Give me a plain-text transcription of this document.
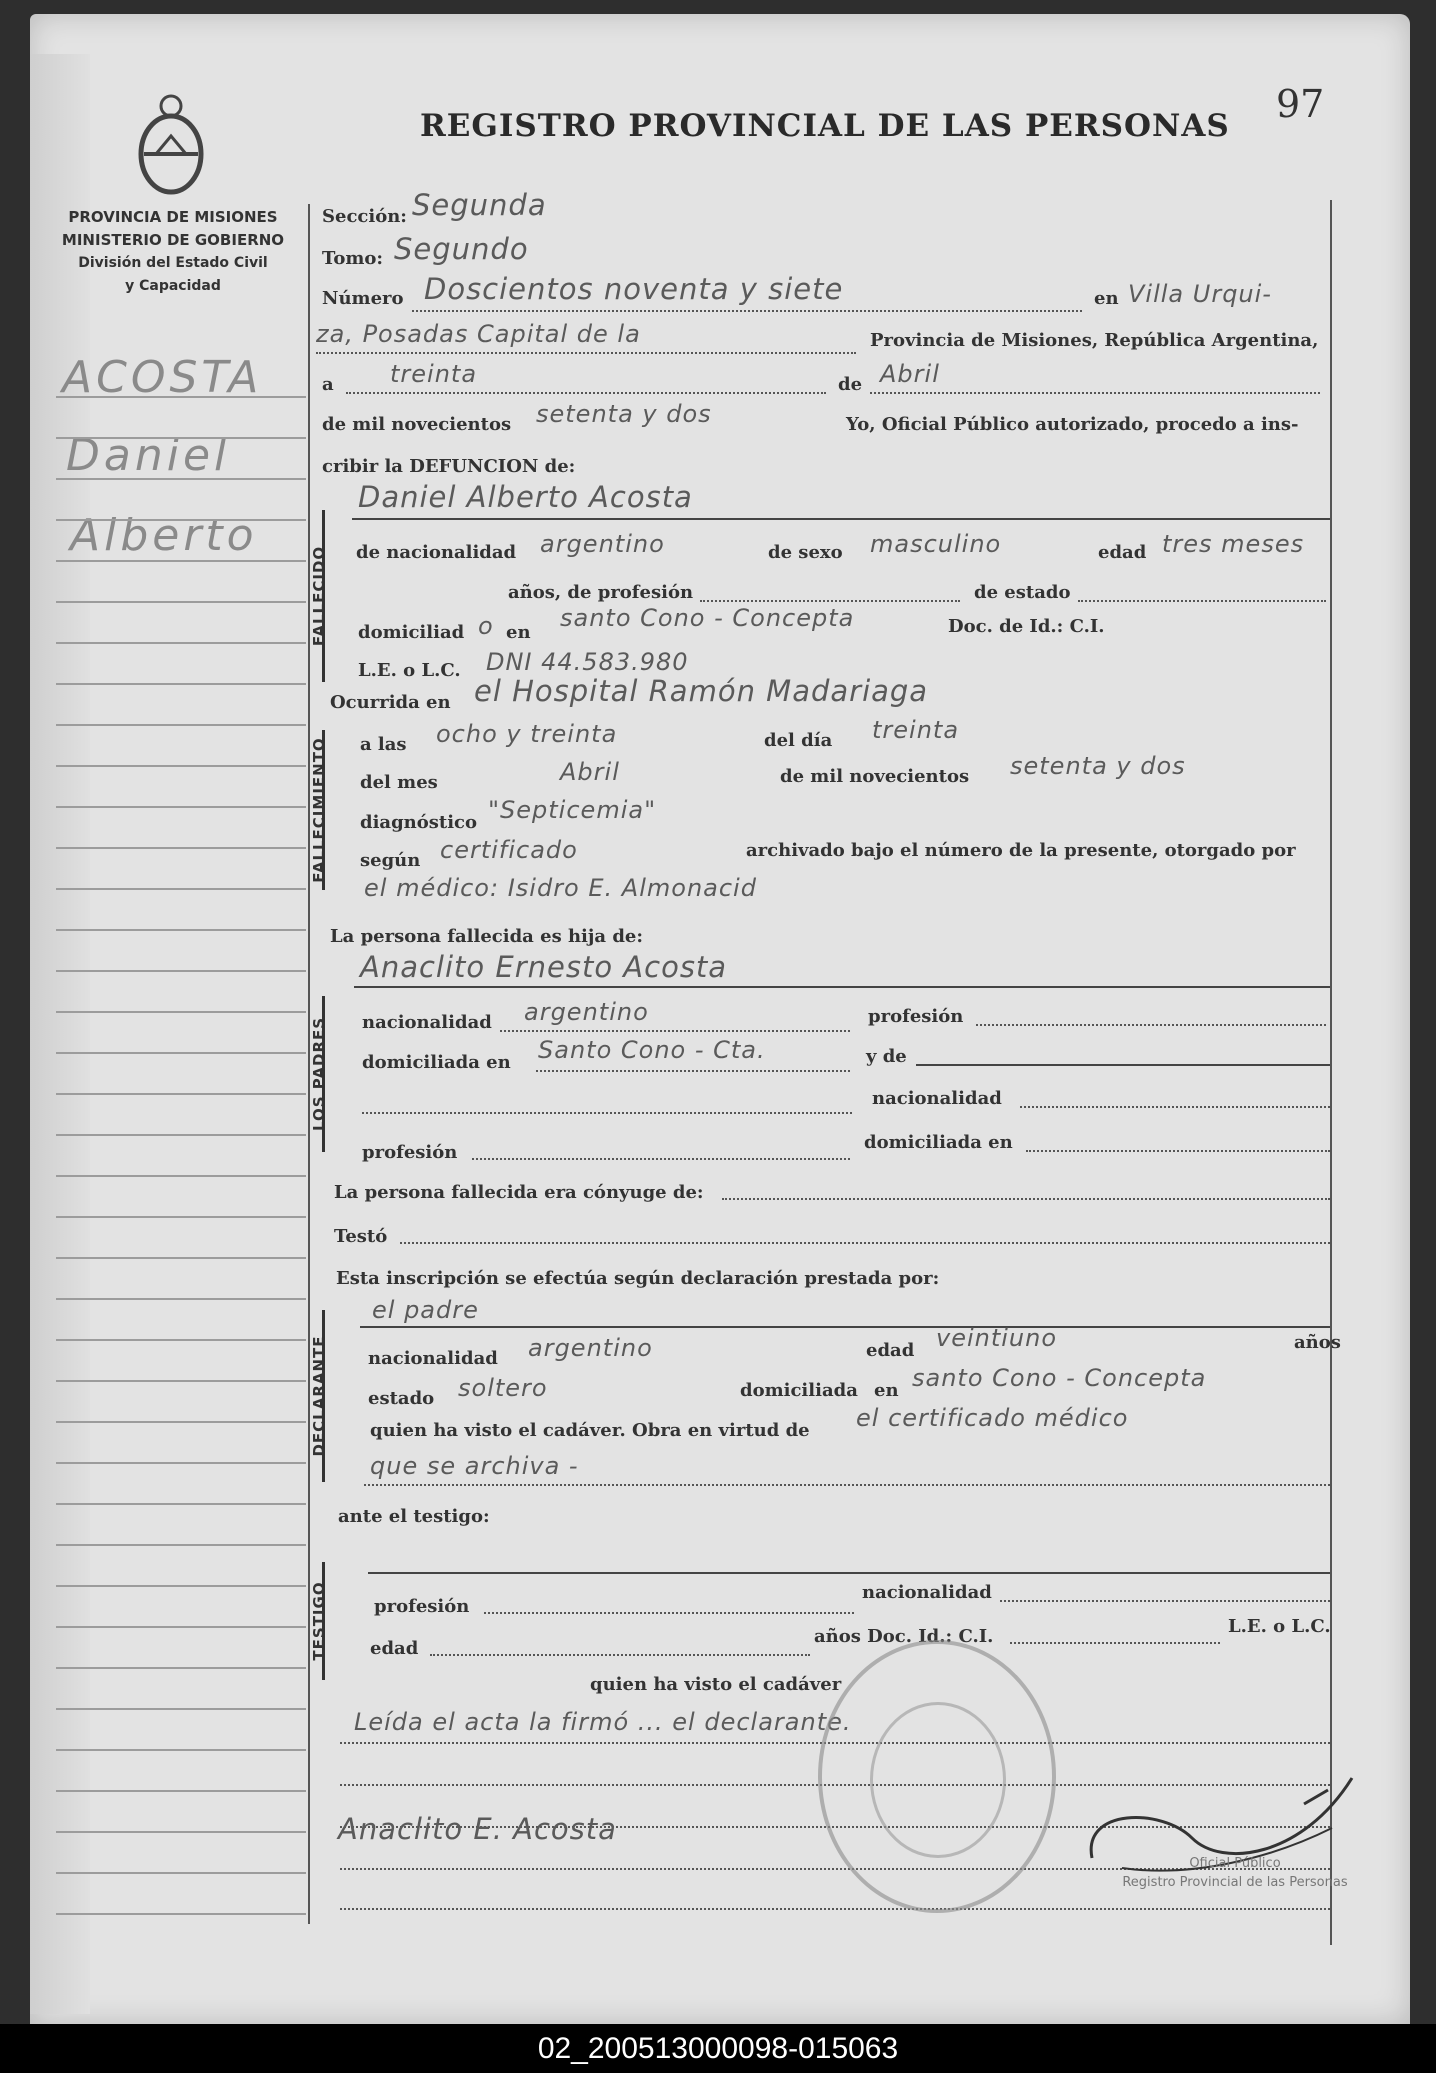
97
REGISTRO PROVINCIAL DE LAS PERSONAS
PROVINCIA DE MISIONES
MINISTERIO DE GOBIERNO
División del Estado Civil
y Capacidad
ACOSTA
Daniel
Alberto
Sección: Segunda
Tomo: Segundo
Número Doscientos noventa y siete	en Villa Urqui-
za, Posadas Capital de la	Provincia de Misiones, República Argentina,
a treinta	de Abril
de mil novecientos setenta y dos	Yo, Oficial Público autorizado, procedo a ins-
cribir la DEFUNCION de:
FALLECIDO
Daniel Alberto Acosta
de nacionalidad argentino	de sexo masculino	edad tres meses
años, de profesión	de estado
domiciliad o en
santo Cono - Concepta	Doc. de Id.: C.I.
L.E. o L.C. DNI 44.583.980
Ocurrida en el Hospital Ramón Madariaga
FALLECIMIENTO a las ocho y treinta	del día treinta
del mes	Abril	de mil novecientos setenta y dos
diagnóstico "Septicemia"
según certificado	archivado bajo el número de la presente, otorgado por
el médico: Isidro E. Almonacid
La persona fallecida es hija de:
Anaclito Ernesto Acosta
LOS PADRES nacionalidad argentino	profesión
domiciliada en Santo Cono - Cta.	y de
nacionalidad
profesión	domiciliada en
La persona fallecida era cónyuge de:
Testó
Esta inscripción se efectúa según declaración prestada por:
el padre
DECLARANTE nacionalidad argentino	edad veintiuno	años
estado soltero	domiciliada en santo Cono - Concepta
quien ha visto el cadáver. Obra en virtud de el certificado médico
que se archiva -
ante el testigo:
TESTIGO	profesión
nacionalidad
edad
años Doc. Id.: C.I.	L.E. o L.C.
quien ha visto el cadáver
Leída el acta la firmó ... el declarante.
Anaclito E. Acosta
Oficial Público
Registro Provincial de las Personas
02_200513000098-015063
